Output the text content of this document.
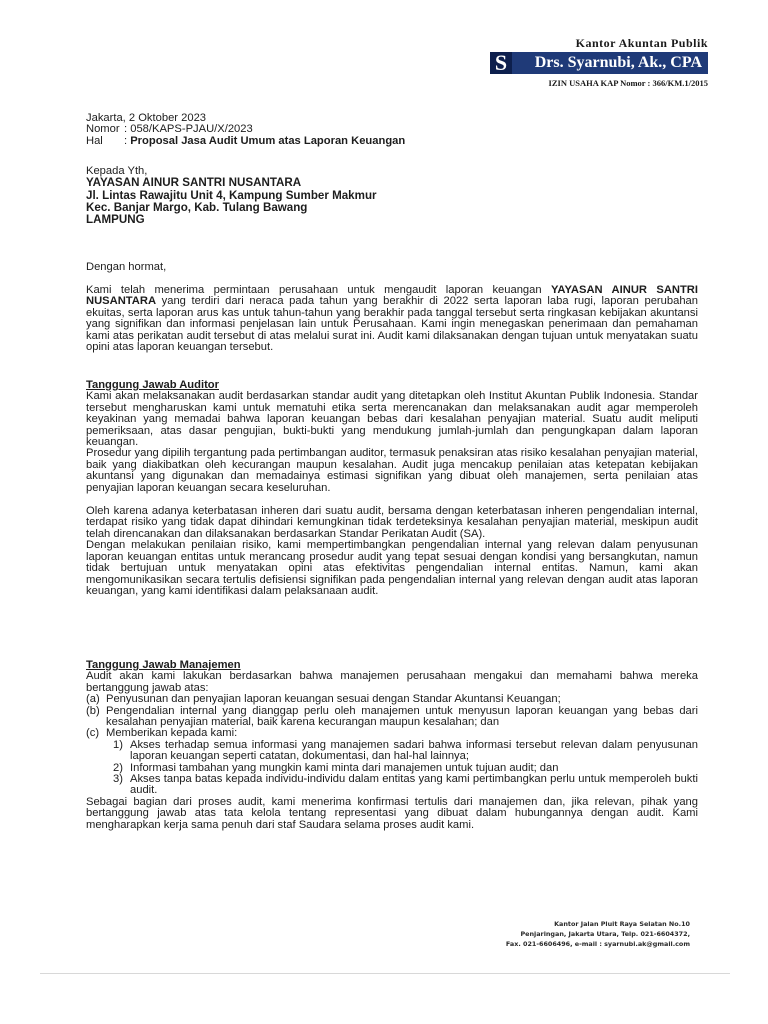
Kantor Akuntan Publik
S	Drs. Syarnubi, Ak., CPA
IZIN USAHA KAP Nomor : 366/KM.1/2015
Jakarta, 2 Oktober 2023
Nomor : 058/KAPS-PJAU/X/2023
Hal	: Proposal Jasa Audit Umum atas Laporan Keuangan
Kepada Yth,
YAYASAN AINUR SANTRI NUSANTARA
Jl. Lintas Rawajitu Unit 4, Kampung Sumber Makmur
Kec. Banjar Margo, Kab. Tulang Bawang
LAMPUNG
Dengan hormat,
Kami telah menerima permintaan perusahaan untuk mengaudit laporan keuangan YAYASAN AINUR SANTRI NUSANTARA yang terdiri dari neraca pada tahun yang berakhir di 2022 serta laporan laba rugi, laporan perubahan ekuitas, serta laporan arus kas untuk tahun-tahun yang berakhir pada tanggal tersebut serta ringkasan kebijakan akuntansi yang signifikan dan informasi penjelasan lain untuk Perusahaan. Kami ingin menegaskan penerimaan dan pemahaman kami atas perikatan audit tersebut di atas melalui surat ini. Audit kami dilaksanakan dengan tujuan untuk menyatakan suatu opini atas laporan keuangan tersebut.
Tanggung Jawab Auditor
Kami akan melaksanakan audit berdasarkan standar audit yang ditetapkan oleh Institut Akuntan Publik Indonesia. Standar tersebut mengharuskan kami untuk mematuhi etika serta merencanakan dan melaksanakan audit agar memperoleh keyakinan yang memadai bahwa laporan keuangan bebas dari kesalahan penyajian material. Suatu audit meliputi pemeriksaan, atas dasar pengujian, bukti-bukti yang mendukung jumlah-jumlah dan pengungkapan dalam laporan keuangan.
Prosedur yang dipilih tergantung pada pertimbangan auditor, termasuk penaksiran atas risiko kesalahan penyajian material, baik yang diakibatkan oleh kecurangan maupun kesalahan. Audit juga mencakup penilaian atas ketepatan kebijakan akuntansi yang digunakan dan memadainya estimasi signifikan yang dibuat oleh manajemen, serta penilaian atas penyajian laporan keuangan secara keseluruhan.
Oleh karena adanya keterbatasan inheren dari suatu audit, bersama dengan keterbatasan inheren pengendalian internal, terdapat risiko yang tidak dapat dihindari kemungkinan tidak terdeteksinya kesalahan penyajian material, meskipun audit telah direncanakan dan dilaksanakan berdasarkan Standar Perikatan Audit (SA).
Dengan melakukan penilaian risiko, kami mempertimbangkan pengendalian internal yang relevan dalam penyusunan laporan keuangan entitas untuk merancang prosedur audit yang tepat sesuai dengan kondisi yang bersangkutan, namun tidak bertujuan untuk menyatakan opini atas efektivitas pengendalian internal entitas. Namun, kami akan mengomunikasikan secara tertulis defisiensi signifikan pada pengendalian internal yang relevan dengan audit atas laporan keuangan, yang kami identifikasi dalam pelaksanaan audit.
Tanggung Jawab Manajemen
Audit akan kami lakukan berdasarkan bahwa manajemen perusahaan mengakui dan memahami bahwa mereka bertanggung jawab atas:
(a) Penyusunan dan penyajian laporan keuangan sesuai dengan Standar Akuntansi Keuangan;
(b) Pengendalian internal yang dianggap perlu oleh manajemen untuk menyusun laporan keuangan yang bebas dari kesalahan penyajian material, baik karena kecurangan maupun kesalahan; dan
(c) Memberikan kepada kami:
1) Akses terhadap semua informasi yang manajemen sadari bahwa informasi tersebut relevan dalam penyusunan laporan keuangan seperti catatan, dokumentasi, dan hal-hal lainnya;
2) Informasi tambahan yang mungkin kami minta dari manajemen untuk tujuan audit; dan
3) Akses tanpa batas kepada individu-individu dalam entitas yang kami pertimbangkan perlu untuk memperoleh bukti audit.
Sebagai bagian dari proses audit, kami menerima konfirmasi tertulis dari manajemen dan, jika relevan, pihak yang bertanggung jawab atas tata kelola tentang representasi yang dibuat dalam hubungannya dengan audit. Kami mengharapkan kerja sama penuh dari staf Saudara selama proses audit kami.
Kantor Jalan Pluit Raya Selatan No.10
Penjaringan, Jakarta Utara, Telp. 021-6604372,
Fax. 021-6606496, e-mail : syarnubi.ak@gmail.com
